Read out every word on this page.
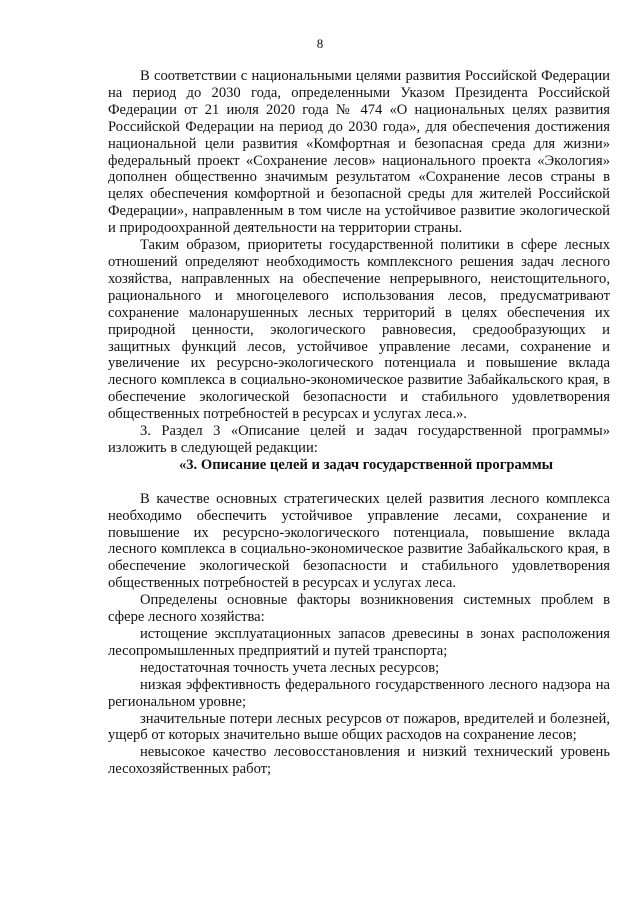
8

В соответствии с национальными целями развития Российской Федерации на период до 2030 года, определенными Указом Президента Российской Федерации от 21 июля 2020 года № 474 «О национальных целях развития Российской Федерации на период до 2030 года», для обеспечения достижения национальной цели развития «Комфортная и безопасная среда для жизни» федеральный проект «Сохранение лесов» национального проекта «Экология» дополнен общественно значимым результатом «Сохранение лесов страны в целях обеспечения комфортной и безопасной среды для жителей Российской Федерации», направленным в том числе на устойчивое развитие экологической и природоохранной деятельности на территории страны.

Таким образом, приоритеты государственной политики в сфере лесных отношений определяют необходимость комплексного решения задач лесного хозяйства, направленных на обеспечение непрерывного, неистощительного, рационального и многоцелевого использования лесов, предусматривают сохранение малонарушенных лесных территорий в целях обеспечения их природной ценности, экологического равновесия, средообразующих и защитных функций лесов, устойчивое управление лесами, сохранение и увеличение их ресурсно-экологического потенциала и повышение вклада лесного комплекса в социально-экономическое развитие Забайкальского края, в обеспечение экологической безопасности и стабильного удовлетворения общественных потребностей в ресурсах и услугах леса.».

3. Раздел 3 «Описание целей и задач государственной программы» изложить в следующей редакции:

«3. Описание целей и задач государственной программы

В качестве основных стратегических целей развития лесного комплекса необходимо обеспечить устойчивое управление лесами, сохранение и повышение их ресурсно-экологического потенциала, повышение вклада лесного комплекса в социально-экономическое развитие Забайкальского края, в обеспечение экологической безопасности и стабильного удовлетворения общественных потребностей в ресурсах и услугах леса.

Определены основные факторы возникновения системных проблем в сфере лесного хозяйства:

истощение эксплуатационных запасов древесины в зонах расположения лесопромышленных предприятий и путей транспорта;

недостаточная точность учета лесных ресурсов;

низкая эффективность федерального государственного лесного надзора на региональном уровне;

значительные потери лесных ресурсов от пожаров, вредителей и болезней, ущерб от которых значительно выше общих расходов на сохранение лесов;

невысокое качество лесовосстановления и низкий технический уровень лесохозяйственных работ;
